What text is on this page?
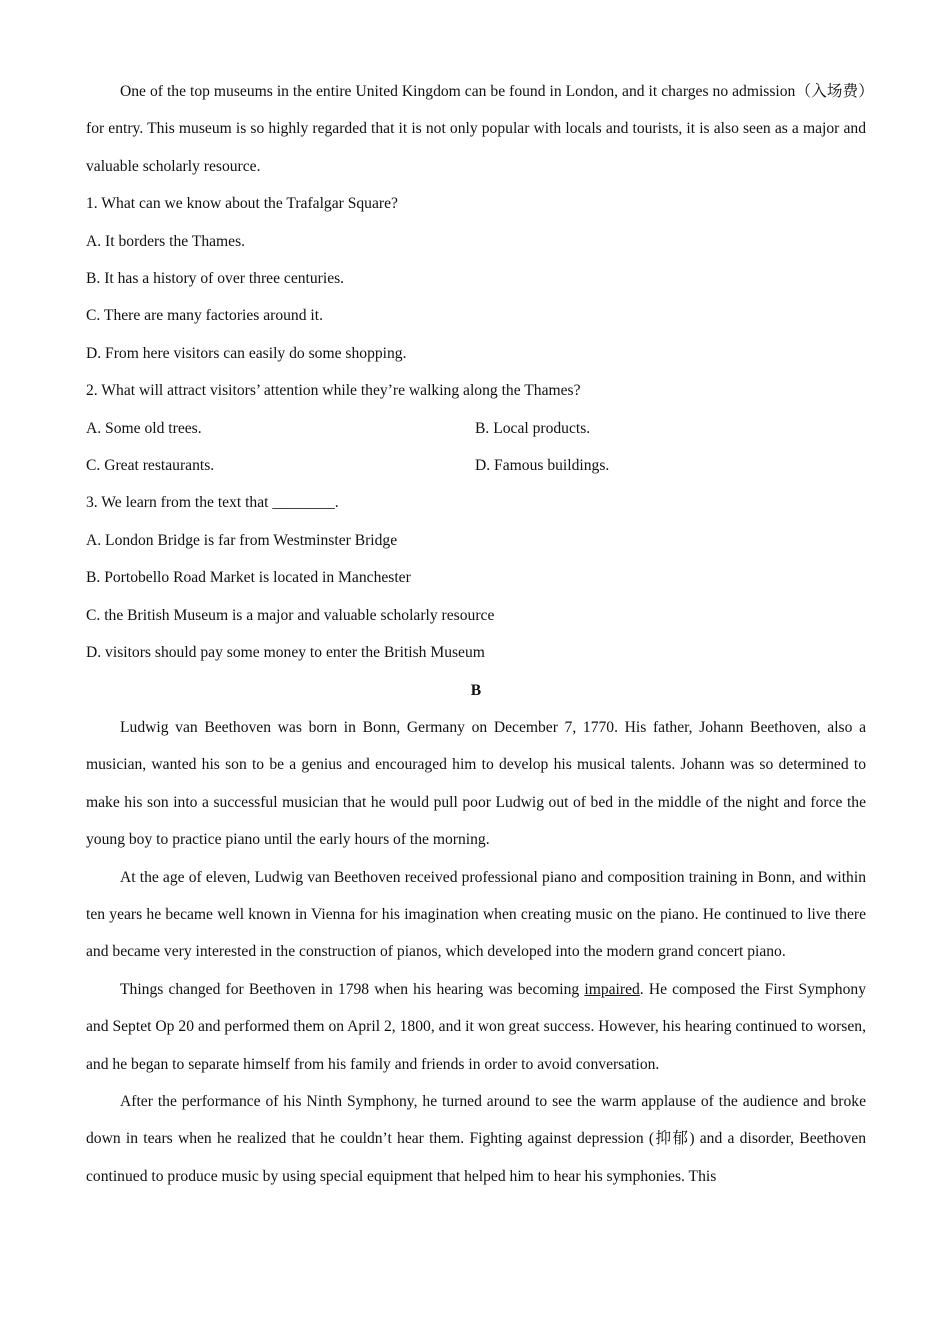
One of the top museums in the entire United Kingdom can be found in London, and it charges no admission（入场费）for entry. This museum is so highly regarded that it is not only popular with locals and tourists, it is also seen as a major and valuable scholarly resource.

1. What can we know about the Trafalgar Square?

A. It borders the Thames.

B. It has a history of over three centuries.

C. There are many factories around it.

D. From here visitors can easily do some shopping.

2. What will attract visitors’ attention while they’re walking along the Thames?

A. Some old trees.	B. Local products.
C. Great restaurants.	D. Famous buildings.

3. We learn from the text that ________.

A. London Bridge is far from Westminster Bridge

B. Portobello Road Market is located in Manchester

C. the British Museum is a major and valuable scholarly resource

D. visitors should pay some money to enter the British Museum

B

Ludwig van Beethoven was born in Bonn, Germany on December 7, 1770. His father, Johann Beethoven, also a musician, wanted his son to be a genius and encouraged him to develop his musical talents. Johann was so determined to make his son into a successful musician that he would pull poor Ludwig out of bed in the middle of the night and force the young boy to practice piano until the early hours of the morning.

At the age of eleven, Ludwig van Beethoven received professional piano and composition training in Bonn, and within ten years he became well known in Vienna for his imagination when creating music on the piano. He continued to live there and became very interested in the construction of pianos, which developed into the modern grand concert piano.

Things changed for Beethoven in 1798 when his hearing was becoming impaired. He composed the First Symphony and Septet Op 20 and performed them on April 2, 1800, and it won great success. However, his hearing continued to worsen, and he began to separate himself from his family and friends in order to avoid conversation.

After the performance of his Ninth Symphony, he turned around to see the warm applause of the audience and broke down in tears when he realized that he couldn’t hear them. Fighting against depression (抑郁) and a disorder, Beethoven continued to produce music by using special equipment that helped him to hear his symphonies. This
